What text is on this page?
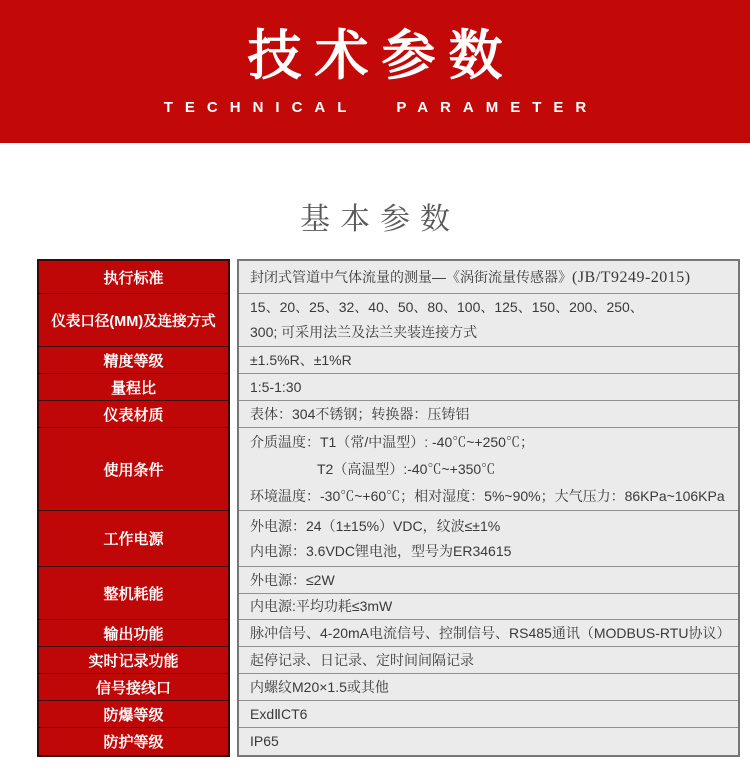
技术参数
TECHNICAL PARAMETER
基本参数
执行标准
仪表口径(MM)及连接方式
精度等级
量程比
仪表材质
使用条件
工作电源
整机耗能
输出功能
实时记录功能
信号接线口
防爆等级
防护等级
封闭式管道中气体流量的测量—《涡街流量传感器》(JB/T9249-2015)
15、20、25、32、40、50、80、100、125、150、200、250、
300; 可采用法兰及法兰夹装连接方式
±1.5%R、±1%R
1:5-1:30
表体：304不锈钢；转换器：压铸铝
介质温度：T1（常/中温型）: -40℃~+250℃；
T2（高温型）:-40℃~+350℃
环境温度：-30℃~+60℃；相对湿度：5%~90%；大气压力：86KPa~106KPa
外电源：24（1±15%）VDC，纹波≤±1%
内电源：3.6VDC锂电池，型号为ER34615
外电源：≤2W
内电源:平均功耗≤3mW
脉冲信号、4-20mA电流信号、控制信号、RS485通讯（MODBUS-RTU协议）
起停记录、日记录、定时间间隔记录
内螺纹M20×1.5或其他
ExdⅡCT6
IP65
